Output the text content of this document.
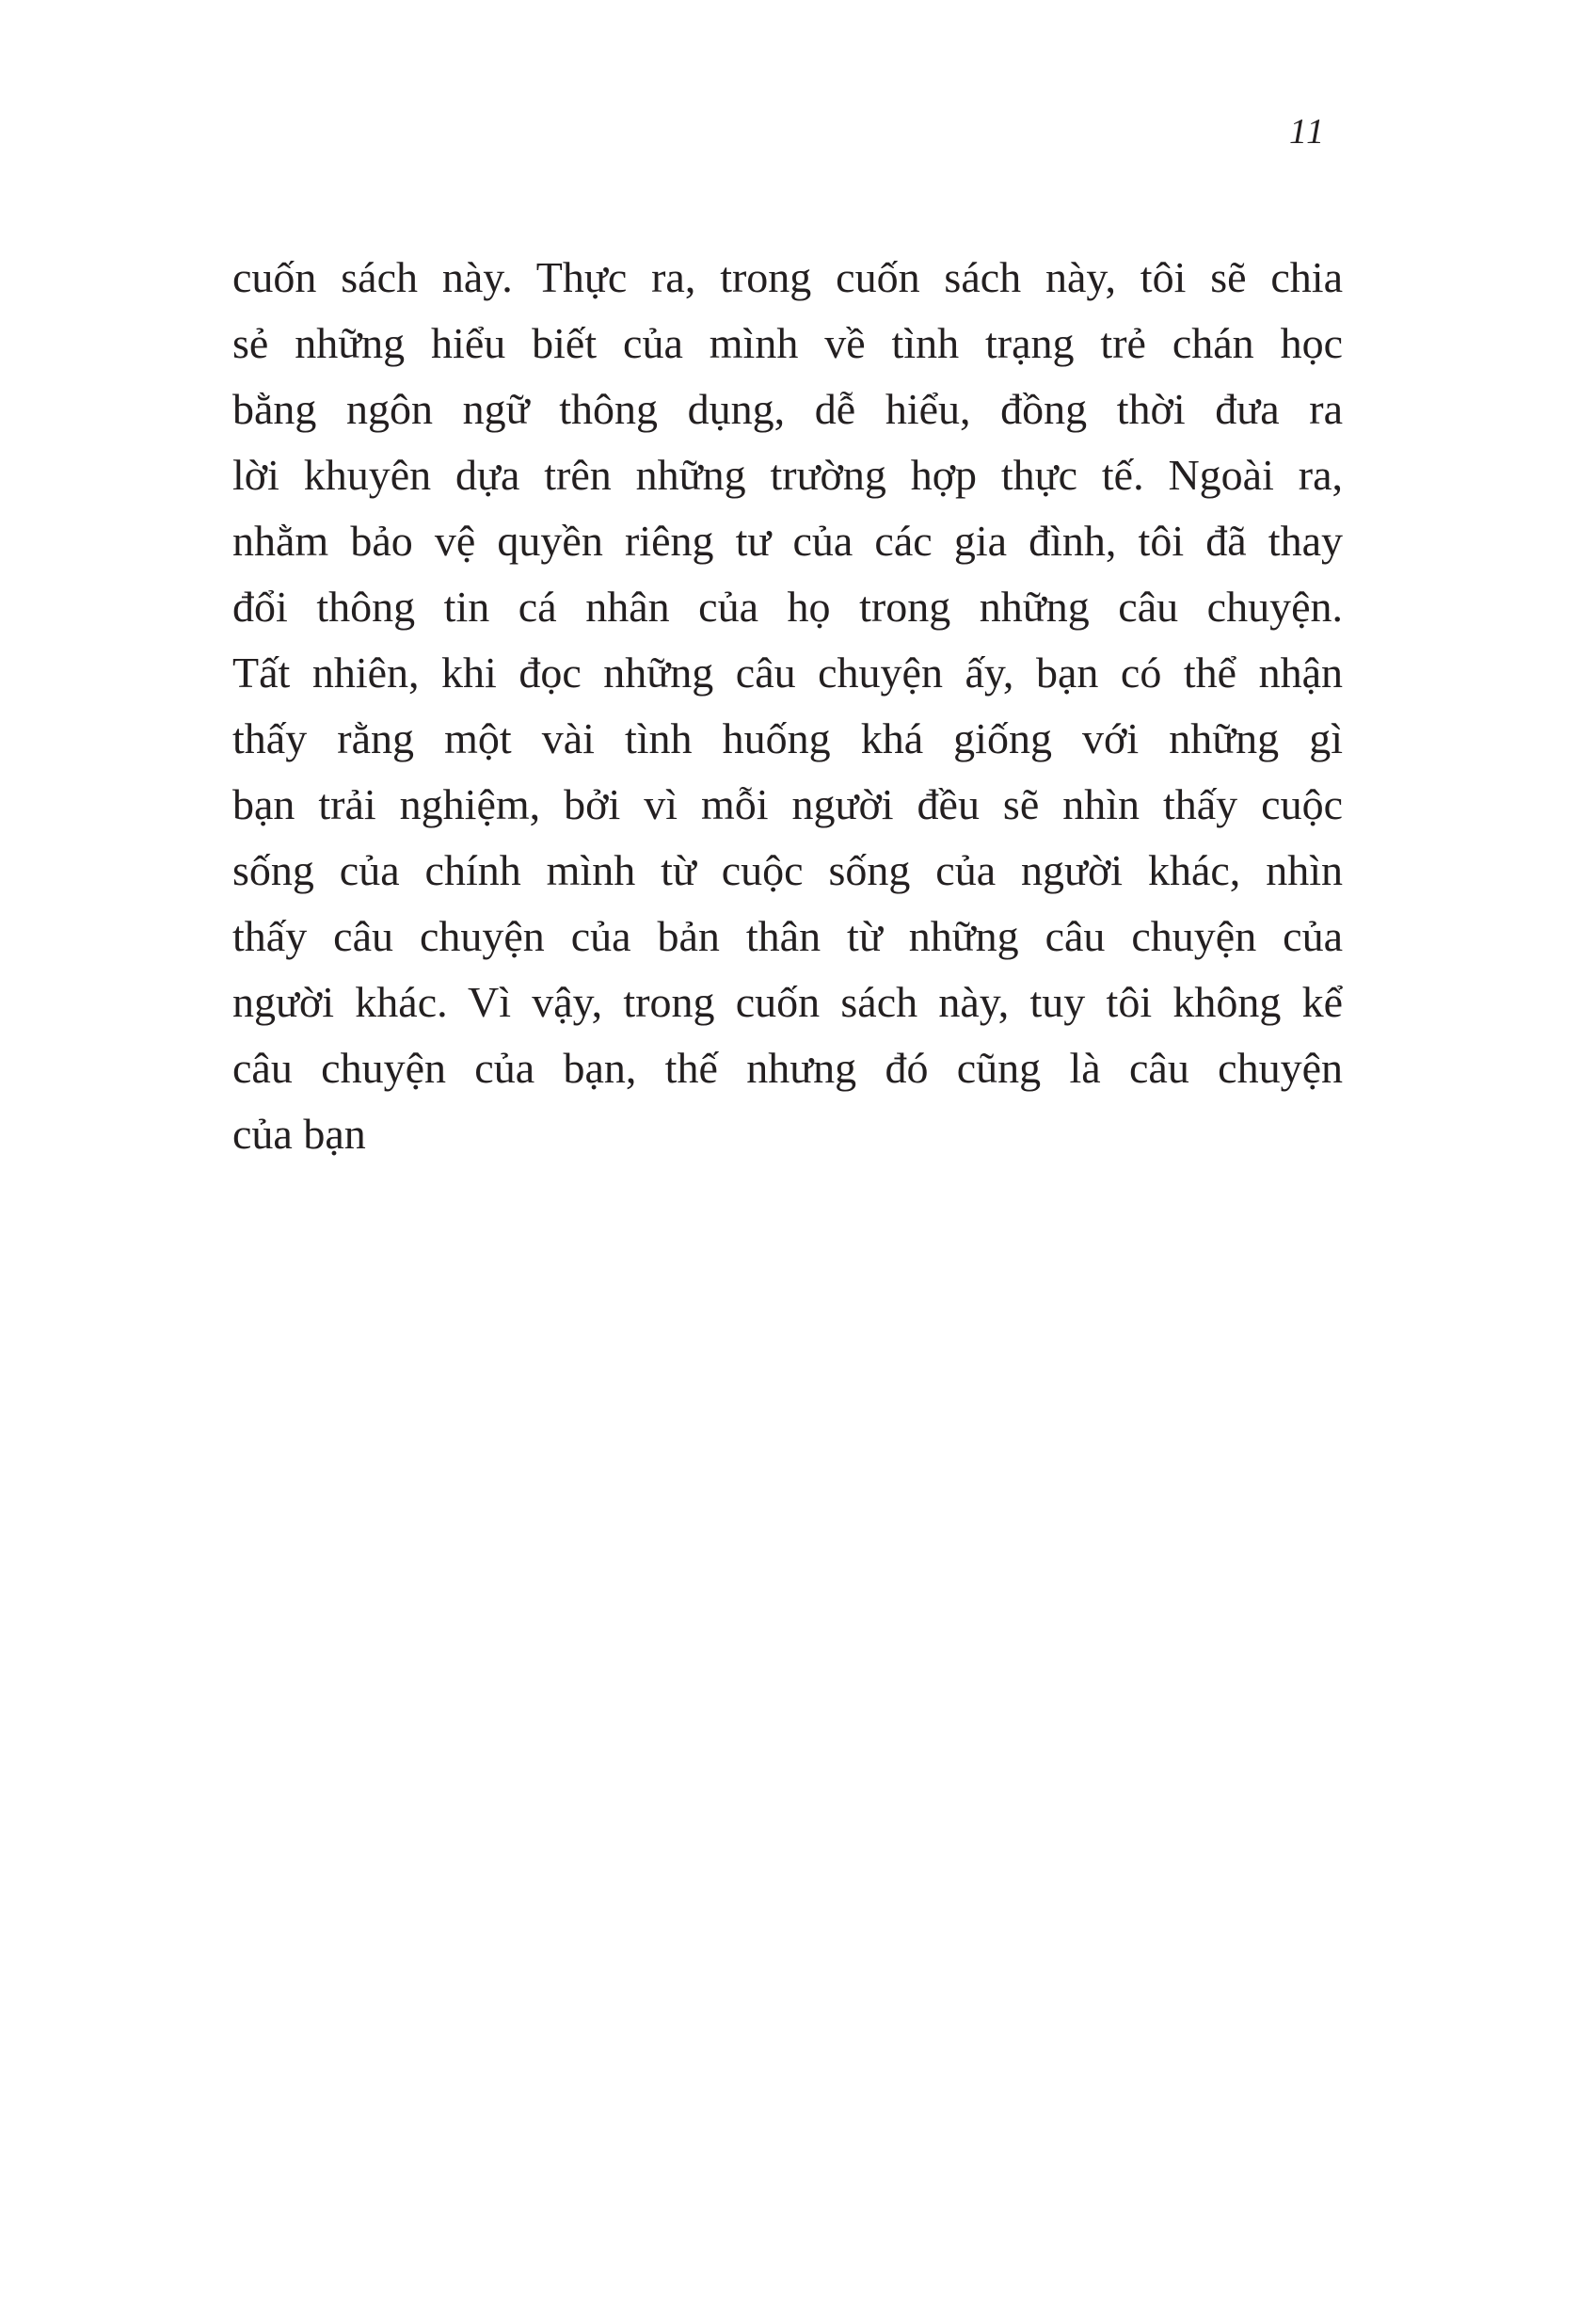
11
cuốn sách này. Thực ra, trong cuốn sách này, tôi sẽ chia
sẻ những hiểu biết của mình về tình trạng trẻ chán học
bằng ngôn ngữ thông dụng, dễ hiểu, đồng thời đưa ra
lời khuyên dựa trên những trường hợp thực tế. Ngoài ra,
nhằm bảo vệ quyền riêng tư của các gia đình, tôi đã thay
đổi thông tin cá nhân của họ trong những câu chuyện.
Tất nhiên, khi đọc những câu chuyện ấy, bạn có thể nhận
thấy rằng một vài tình huống khá giống với những gì
bạn trải nghiệm, bởi vì mỗi người đều sẽ nhìn thấy cuộc
sống của chính mình từ cuộc sống của người khác, nhìn
thấy câu chuyện của bản thân từ những câu chuyện của
người khác. Vì vậy, trong cuốn sách này, tuy tôi không kể
câu chuyện của bạn, thế nhưng đó cũng là câu chuyện
của bạn
